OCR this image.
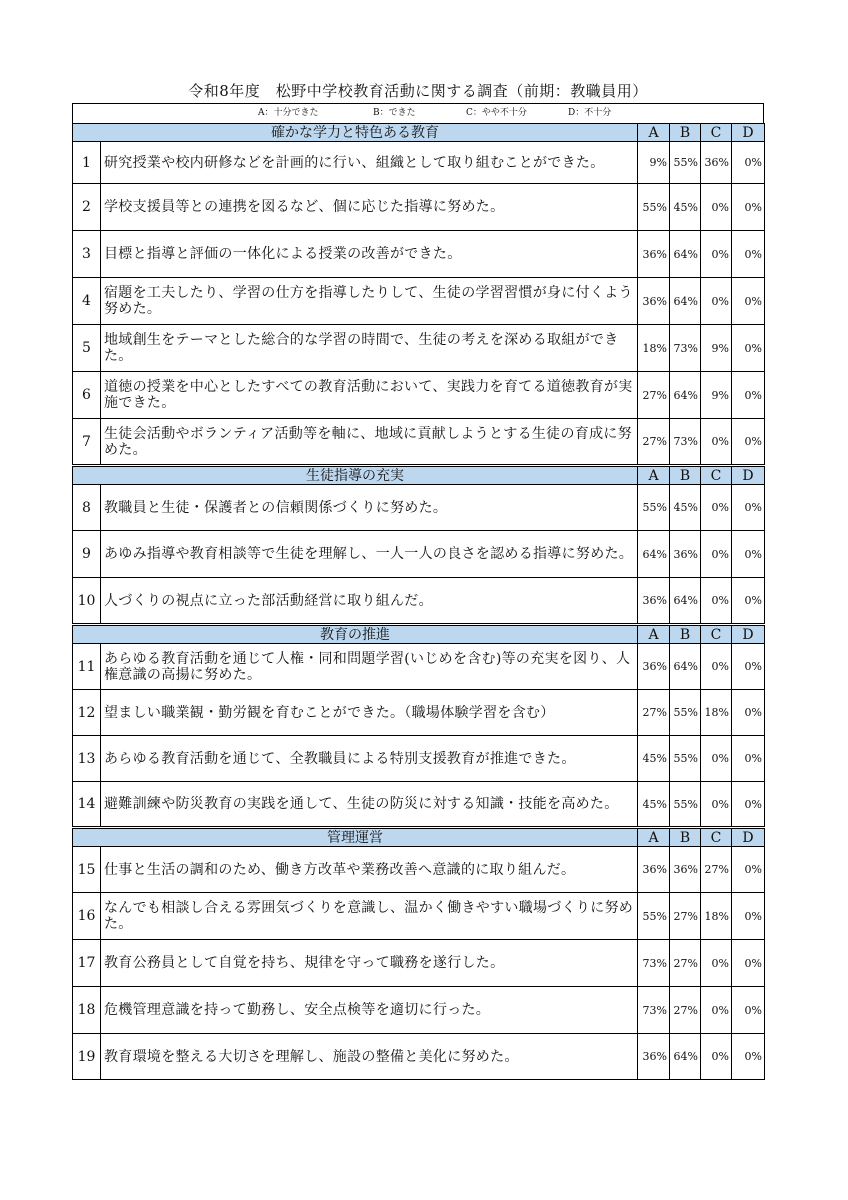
令和8年度　松野中学校教育活動に関する調査（前期：教職員用）
A：十分できた	B：できた	C：やや不十分	D：不十分
確かな学力と特色ある教育		A	B	C	D
1	研究授業や校内研修などを計画的に行い、組織として取り組むことができた。	9%	55%	36%	0%
2	学校支援員等との連携を図るなど、個に応じた指導に努めた。	55%	45%	0%	0%
3	目標と指導と評価の一体化による授業の改善ができた。	36%	64%	0%	0%
4	宿題を工夫したり、学習の仕方を指導したりして、生徒の学習習慣が身に付くよう努めた。	36%	64%	0%	0%
5	地域創生をテーマとした総合的な学習の時間で、生徒の考えを深める取組ができた。	18%	73%	9%	0%
6	道徳の授業を中心としたすべての教育活動において、実践力を育てる道徳教育が実施できた。	27%	64%	9%	0%
7	生徒会活動やボランティア活動等を軸に、地域に貢献しようとする生徒の育成に努めた。	27%	73%	0%	0%
生徒指導の充実		A	B	C	D
8	教職員と生徒・保護者との信頼関係づくりに努めた。	55%	45%	0%	0%
9	あゆみ指導や教育相談等で生徒を理解し、一人一人の良さを認める指導に努めた。	64%	36%	0%	0%
10	人づくりの視点に立った部活動経営に取り組んだ。	36%	64%	0%	0%
教育の推進		A	B	C	D
11	あらゆる教育活動を通じて人権・同和問題学習(いじめを含む)等の充実を図り、人権意識の高揚に努めた。	36%	64%	0%	0%
12	望ましい職業観・勤労観を育むことができた。（職場体験学習を含む）	27%	55%	18%	0%
13	あらゆる教育活動を通じて、全教職員による特別支援教育が推進できた。	45%	55%	0%	0%
14	避難訓練や防災教育の実践を通して、生徒の防災に対する知識・技能を高めた。	45%	55%	0%	0%
管理運営		A	B	C	D
15	仕事と生活の調和のため、働き方改革や業務改善へ意識的に取り組んだ。	36%	36%	27%	0%
16	なんでも相談し合える雰囲気づくりを意識し、温かく働きやすい職場づくりに努めた。	55%	27%	18%	0%
17	教育公務員として自覚を持ち、規律を守って職務を遂行した。	73%	27%	0%	0%
18	危機管理意識を持って勤務し、安全点検等を適切に行った。	73%	27%	0%	0%
19	教育環境を整える大切さを理解し、施設の整備と美化に努めた。	36%	64%	0%	0%
